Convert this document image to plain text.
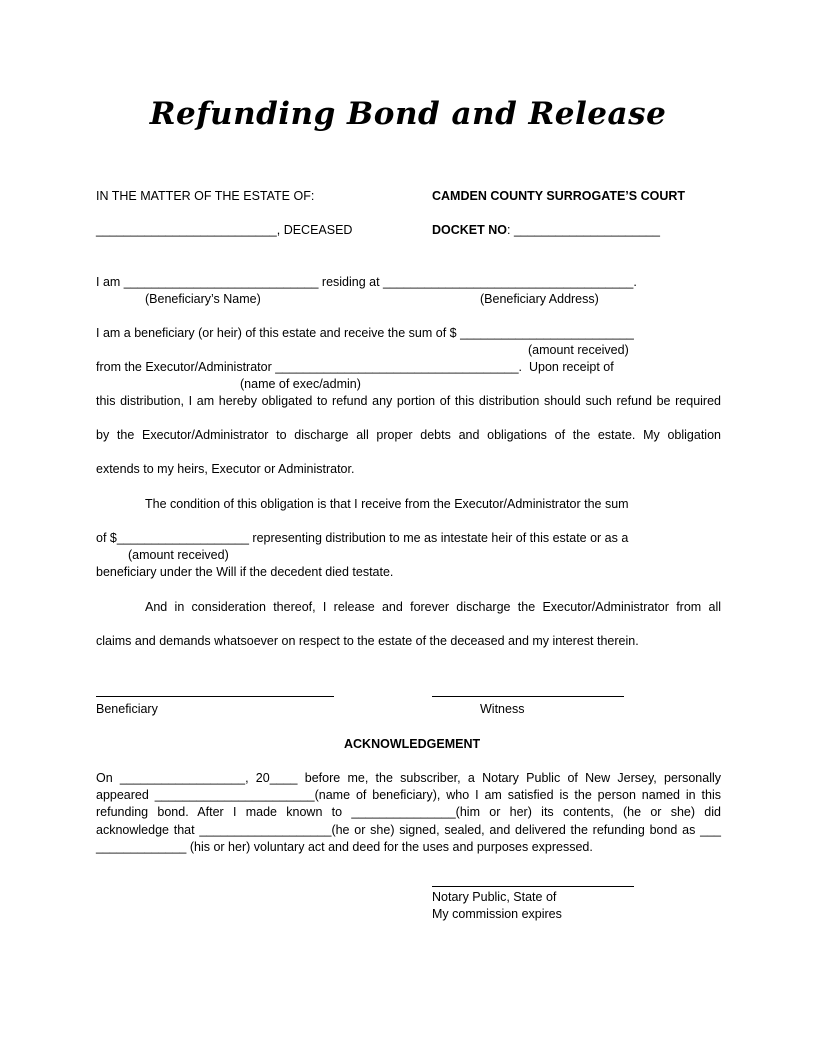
Refunding Bond and Release
IN THE MATTER OF THE ESTATE OF:	CAMDEN COUNTY SURROGATE’S COURT
__________________________, DECEASED	DOCKET NO: _____________________
I am ____________________________ residing at ____________________________________.
(Beneficiary’s Name)	(Beneficiary Address)
I am a beneficiary (or heir) of this estate and receive the sum of $ _________________________
(amount received)
from the Executor/Administrator ___________________________________.  Upon receipt of
(name of exec/admin)
this distribution, I am hereby obligated to refund any portion of this distribution should such refund be required
by the Executor/Administrator to discharge all proper debts and obligations of the estate. My obligation
extends to my heirs, Executor or Administrator.
The condition of this obligation is that I receive from the Executor/Administrator the sum
of $___________________ representing distribution to me as intestate heir of this estate or as a
(amount received)
beneficiary under the Will if the decedent died testate.
And in consideration thereof, I release and forever discharge the Executor/Administrator from all
claims and demands whatsoever on respect to the estate of the deceased and my interest therein.
Beneficiary	Witness
ACKNOWLEDGEMENT
On __________________, 20____ before me, the subscriber, a Notary Public of New Jersey, personally
appeared _______________________(name of beneficiary), who I am satisfied is the person named in this
refunding bond. After I made known to _______________(him or her) its contents, (he or she) did
acknowledge that ___________________(he or she) signed, sealed, and delivered the refunding bond as ___
_____________ (his or her) voluntary act and deed for the uses and purposes expressed.
Notary Public, State of
My commission expires
